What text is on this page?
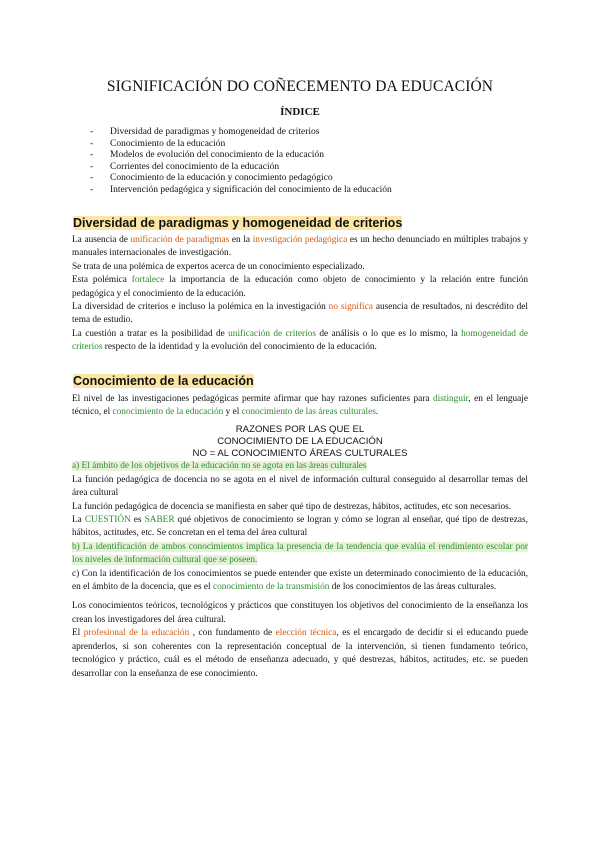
SIGNIFICACIÓN DO COÑECEMENTO DA EDUCACIÓN
ÍNDICE
- Diversidad de paradigmas y homogeneidad de criterios
- Conocimiento de la educación
- Modelos de evolución del conocimiento de la educación
- Corrientes del conocimiento de la educación
- Conocimiento de la educación y conocimiento pedagógico
- Intervención pedagógica y significación del conocimiento de la educación
Diversidad de paradigmas y homogeneidad de criterios

La ausencia de unificación de paradigmas en la investigación pedagógica es un hecho denunciado en múltiples trabajos y manuales internacionales de investigación.

Se trata de una polémica de expertos acerca de un conocimiento especializado.

Esta polémica fortalece la importancia de la educación como objeto de conocimiento y la relación entre función pedagógica y el conocimiento de la educación.

La diversidad de criterios e incluso la polémica en la investigación no significa ausencia de resultados, ni descrédito del tema de estudio.

La cuestión a tratar es la posibilidad de unificación de criterios de análisis o lo que es lo mismo, la homogeneidad de criterios respecto de la identidad y la evolución del conocimiento de la educación.

Conocimiento de la educación

El nivel de las investigaciones pedagógicas permite afirmar que hay razones suficientes para distinguir, en el lenguaje técnico, el conocimiento de la educación y el conocimiento de las áreas culturales.

RAZONES POR LAS QUE EL

CONOCIMIENTO DE LA EDUCACIÓN

NO = AL CONOCIMIENTO ÁREAS CULTURALES

a) El ámbito de los objetivos de la educación no se agota en las áreas culturales

La función pedagógica de docencia no se agota en el nivel de información cultural conseguido al desarrollar temas del área cultural

La función pedagógica de docencia se manifiesta en saber qué tipo de destrezas, hábitos, actitudes, etc son necesarios.

La CUESTIÓN es SABER qué objetivos de conocimiento se logran y cómo se logran al enseñar, qué tipo de destrezas, hábitos, actitudes, etc. Se concretan en el tema del área cultural

b) La identificación de ambos conocimientos implica la presencia de la tendencia que evalúa el rendimiento escolar por los niveles de información cultural que se poseen.

c) Con la identificación de los conocimientos se puede entender que existe un determinado conocimiento de la educación, en el ámbito de la docencia, que es el conocimiento de la transmisión de los conocimientos de las áreas culturales.

Los conocimientos teóricos, tecnológicos y prácticos que constituyen los objetivos del conocimiento de la enseñanza los crean los investigadores del área cultural.

El profesional de la educación , con fundamento de elección técnica, es el encargado de decidir si el educando puede aprenderlos, si son coherentes con la representación conceptual de la intervención, si tienen fundamento teórico, tecnológico y práctico, cuál es el método de enseñanza adecuado, y qué destrezas, hábitos, actitudes, etc. se pueden desarrollar con la enseñanza de ese conocimiento.
